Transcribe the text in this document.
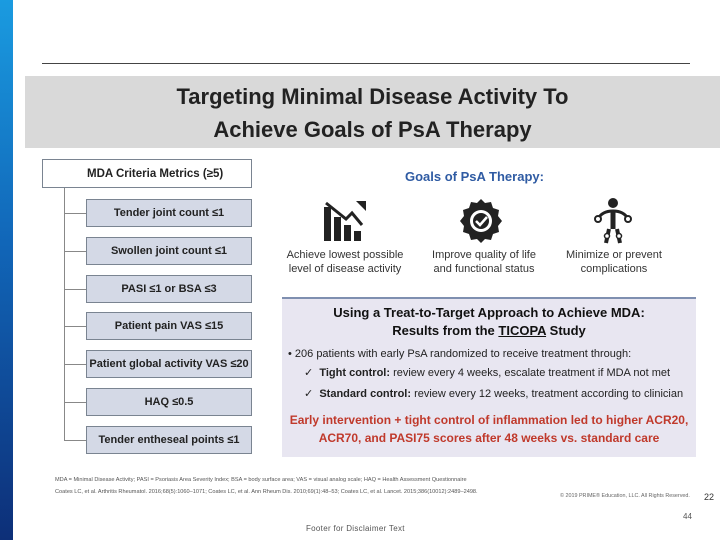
Targeting Minimal Disease Activity To
Achieve Goals of PsA Therapy
MDA Criteria Metrics (≥5)
Tender joint count ≤1
Swollen joint count ≤1
PASI ≤1 or BSA ≤3
Patient pain VAS ≤15
Patient global activity VAS ≤20
HAQ ≤0.5
Tender entheseal points ≤1
Goals of PsA Therapy:
Achieve lowest possible
level of disease activity
Improve quality of life
and functional status
Minimize or prevent
complications
Using a Treat-to-Target Approach to Achieve MDA:
Results from the TICOPA Study
• 206 patients with early PsA randomized to receive treatment through:
✓  Tight control: review every 4 weeks, escalate treatment if MDA not met
✓  Standard control: review every 12 weeks, treatment according to clinician
Early intervention + tight control of inflammation led to higher ACR20,
ACR70, and PASI75 scores after 48 weeks vs. standard care
MDA = Minimal Disease Activity; PASI = Psoriasis Area Severity Index; BSA = body surface area; VAS = visual analog scale; HAQ = Health Assessment Questionnaire
Coates LC, et al. Arthritis Rheumatol. 2016;68(5):1060–1071; Coates LC, et al. Ann Rheum Dis. 2010;69(1):48–53; Coates LC, et al. Lancet. 2015;386(10012):2489–2498.
© 2019 PRIME® Education, LLC. All Rights Reserved. 22
44
Footer for Disclaimer Text
